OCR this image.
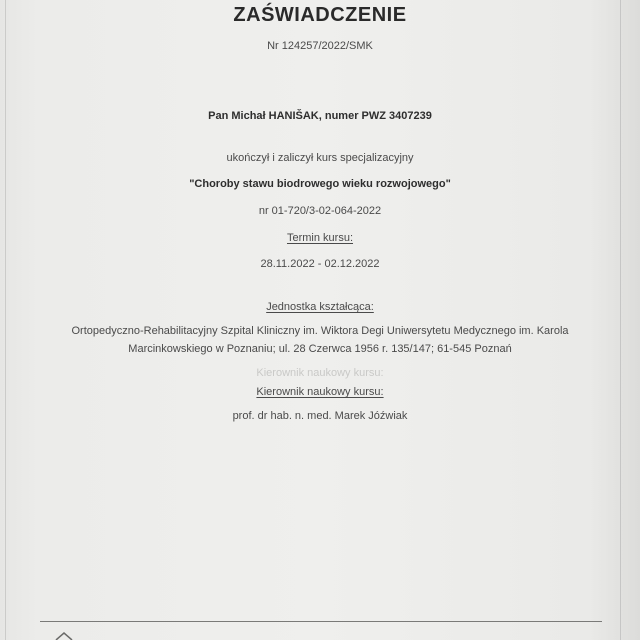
ZAŚWIADCZENIE
Nr 124257/2022/SMK
Pan Michał HANIŠAK, numer PWZ 3407239
ukończył i zaliczył kurs specjalizacyjny
"Choroby stawu biodrowego wieku rozwojowego"
nr 01-720/3-02-064-2022
Termin kursu:
28.11.2022 - 02.12.2022
Jednostka kształcąca:
Ortopedyczno-Rehabilitacyjny Szpital Kliniczny im. Wiktora Degi Uniwersytetu Medycznego im. Karola
Marcinkowskiego w Poznaniu; ul. 28 Czerwca 1956 r. 135/147; 61-545 Poznań
Kierownik naukowy kursu:
Kierownik naukowy kursu:
prof. dr hab. n. med. Marek Jóźwiak
